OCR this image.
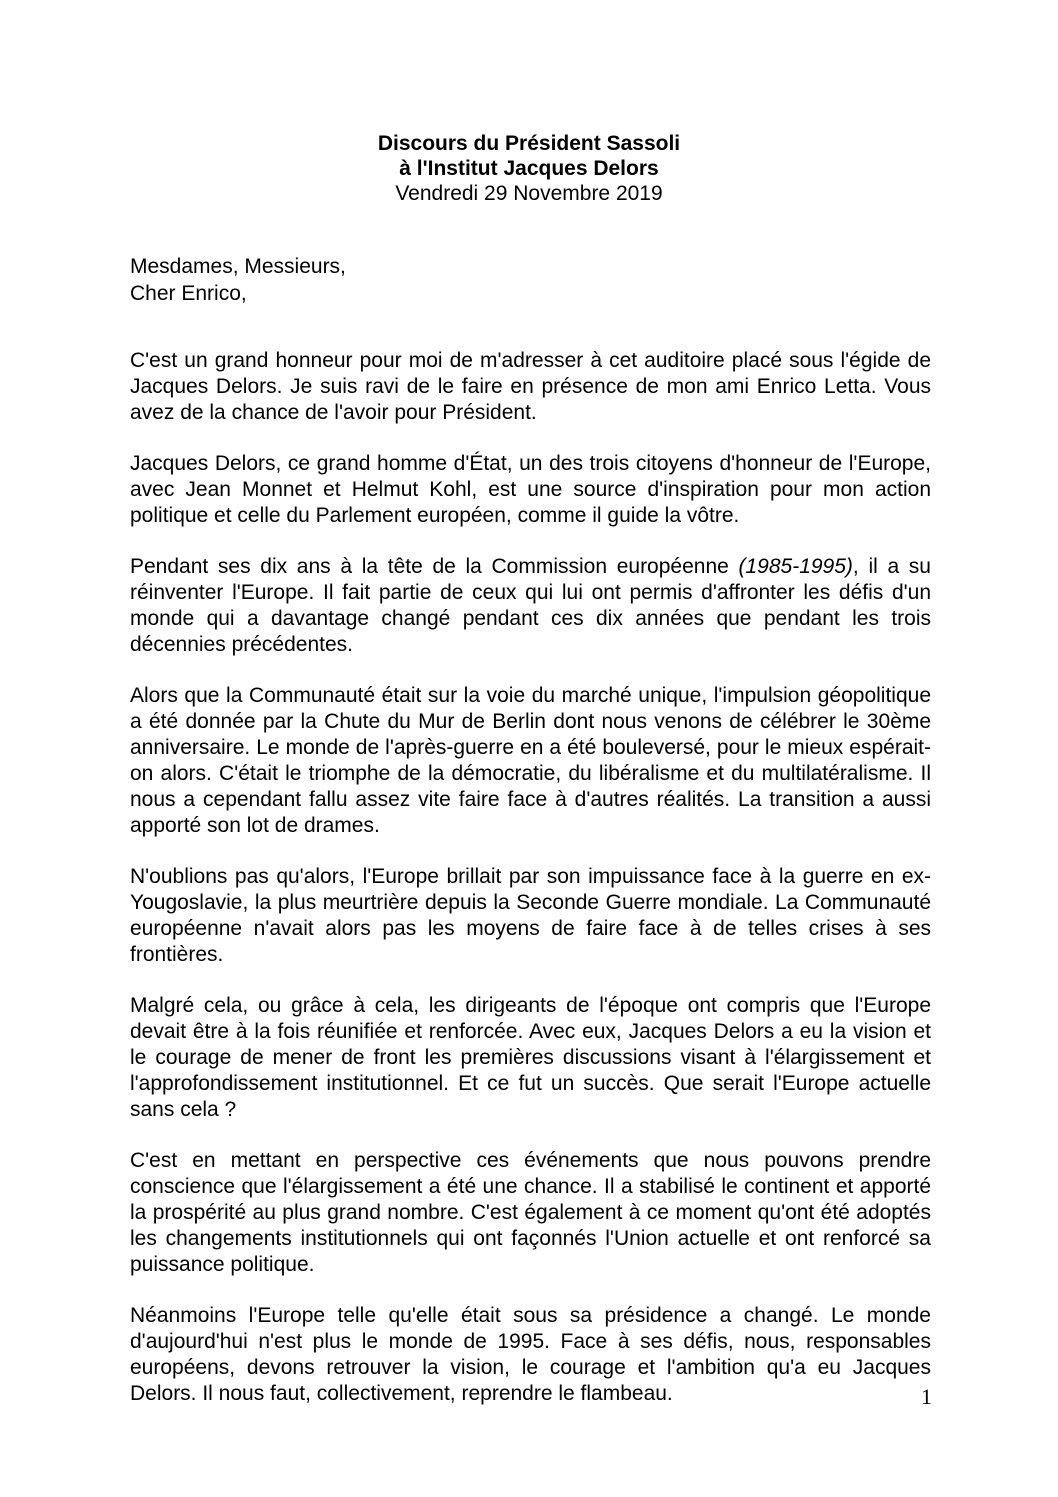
Discours du Président Sassoli
à l'Institut Jacques Delors
Vendredi 29 Novembre 2019
Mesdames, Messieurs,
Cher Enrico,

C'est un grand honneur pour moi de m'adresser à cet auditoire placé sous l'égide de Jacques Delors. Je suis ravi de le faire en présence de mon ami Enrico Letta. Vous avez de la chance de l'avoir pour Président.

Jacques Delors, ce grand homme d'État, un des trois citoyens d'honneur de l'Europe, avec Jean Monnet et Helmut Kohl, est une source d'inspiration pour mon action politique et celle du Parlement européen, comme il guide la vôtre.

Pendant ses dix ans à la tête de la Commission européenne (1985-1995), il a su réinventer l'Europe. Il fait partie de ceux qui lui ont permis d'affronter les défis d'un monde qui a davantage changé pendant ces dix années que pendant les trois décennies précédentes.

Alors que la Communauté était sur la voie du marché unique, l'impulsion géopolitique a été donnée par la Chute du Mur de Berlin dont nous venons de célébrer le 30ème anniversaire. Le monde de l'après-guerre en a été bouleversé, pour le mieux espérait-on alors. C'était le triomphe de la démocratie, du libéralisme et du multilatéralisme. Il nous a cependant fallu assez vite faire face à d'autres réalités. La transition a aussi apporté son lot de drames.

N'oublions pas qu'alors, l'Europe brillait par son impuissance face à la guerre en ex-Yougoslavie, la plus meurtrière depuis la Seconde Guerre mondiale. La Communauté européenne n'avait alors pas les moyens de faire face à de telles crises à ses frontières.

Malgré cela, ou grâce à cela, les dirigeants de l'époque ont compris que l'Europe devait être à la fois réunifiée et renforcée. Avec eux, Jacques Delors a eu la vision et le courage de mener de front les premières discussions visant à l'élargissement et l'approfondissement institutionnel. Et ce fut un succès. Que serait l'Europe actuelle sans cela ?

C'est en mettant en perspective ces événements que nous pouvons prendre conscience que l'élargissement a été une chance. Il a stabilisé le continent et apporté la prospérité au plus grand nombre. C'est également à ce moment qu'ont été adoptés les changements institutionnels qui ont façonnés l'Union actuelle et ont renforcé sa puissance politique.

Néanmoins l'Europe telle qu'elle était sous sa présidence a changé. Le monde d'aujourd'hui n'est plus le monde de 1995. Face à ses défis, nous, responsables européens, devons retrouver la vision, le courage et l'ambition qu'a eu Jacques Delors. Il nous faut, collectivement, reprendre le flambeau.	1
